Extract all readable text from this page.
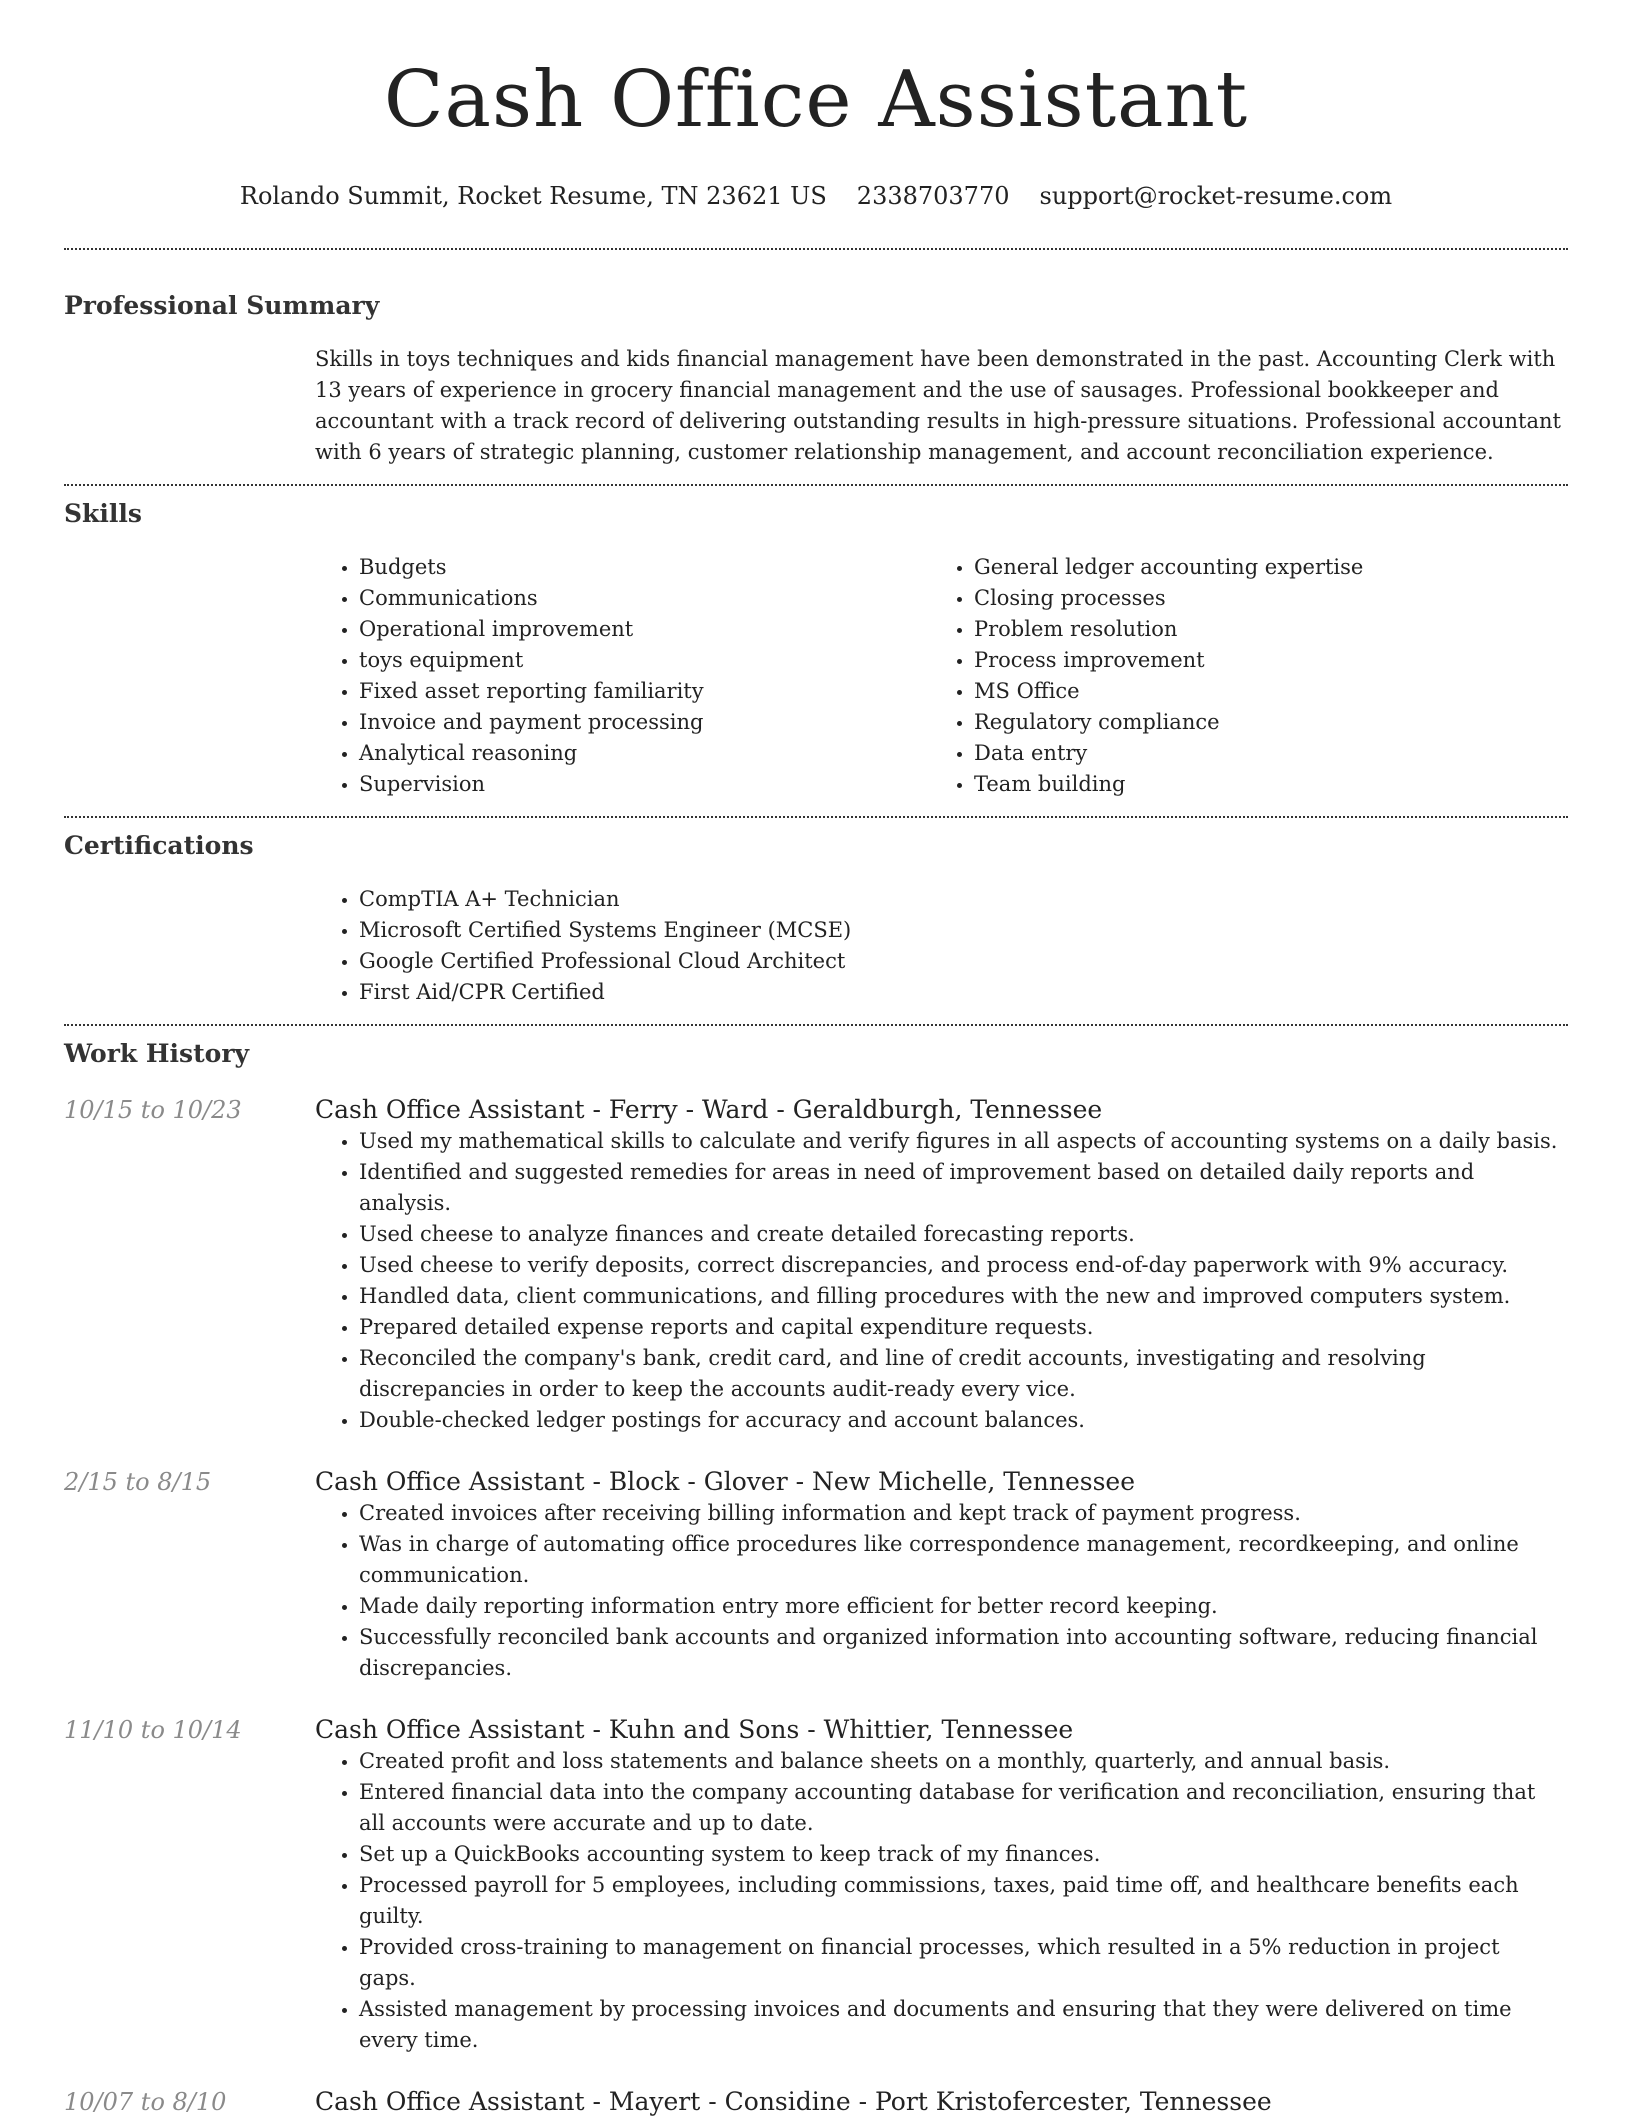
Cash Office Assistant
Rolando Summit, Rocket Resume, TN 23621 US 2338703770 support@rocket-resume.com
Professional Summary
Skills in toys techniques and kids financial management have been demonstrated in the past. Accounting Clerk with 13 years of experience in grocery financial management and the use of sausages. Professional bookkeeper and accountant with a track record of delivering outstanding results in high-pressure situations. Professional accountant with 6 years of strategic planning, customer relationship management, and account reconciliation experience.
Skills
• Budgets
• Communications
• Operational improvement
• toys equipment
• Fixed asset reporting familiarity
• Invoice and payment processing
• Analytical reasoning
• Supervision
• General ledger accounting expertise
• Closing processes
• Problem resolution
• Process improvement
• MS Office
• Regulatory compliance
• Data entry
• Team building
Certifications
• CompTIA A+ Technician
• Microsoft Certified Systems Engineer (MCSE)
• Google Certified Professional Cloud Architect
• First Aid/CPR Certified
Work History
10/15 to 10/23	Cash Office Assistant - Ferry - Ward - Geraldburgh, Tennessee
• Used my mathematical skills to calculate and verify figures in all aspects of accounting systems on a daily basis.
• Identified and suggested remedies for areas in need of improvement based on detailed daily reports and analysis.
• Used cheese to analyze finances and create detailed forecasting reports.
• Used cheese to verify deposits, correct discrepancies, and process end-of-day paperwork with 9% accuracy.
• Handled data, client communications, and filling procedures with the new and improved computers system.
• Prepared detailed expense reports and capital expenditure requests.
• Reconciled the company's bank, credit card, and line of credit accounts, investigating and resolving discrepancies in order to keep the accounts audit-ready every vice.
• Double-checked ledger postings for accuracy and account balances.
2/15 to 8/15	Cash Office Assistant - Block - Glover - New Michelle, Tennessee
• Created invoices after receiving billing information and kept track of payment progress.
• Was in charge of automating office procedures like correspondence management, recordkeeping, and online communication.
• Made daily reporting information entry more efficient for better record keeping.
• Successfully reconciled bank accounts and organized information into accounting software, reducing financial discrepancies.
11/10 to 10/14	Cash Office Assistant - Kuhn and Sons - Whittier, Tennessee
• Created profit and loss statements and balance sheets on a monthly, quarterly, and annual basis.
• Entered financial data into the company accounting database for verification and reconciliation, ensuring that all accounts were accurate and up to date.
• Set up a QuickBooks accounting system to keep track of my finances.
• Processed payroll for 5 employees, including commissions, taxes, paid time off, and healthcare benefits each guilty.
• Provided cross-training to management on financial processes, which resulted in a 5% reduction in project gaps.
• Assisted management by processing invoices and documents and ensuring that they were delivered on time every time.
10/07 to 8/10	Cash Office Assistant - Mayert - Considine - Port Kristofercester, Tennessee
